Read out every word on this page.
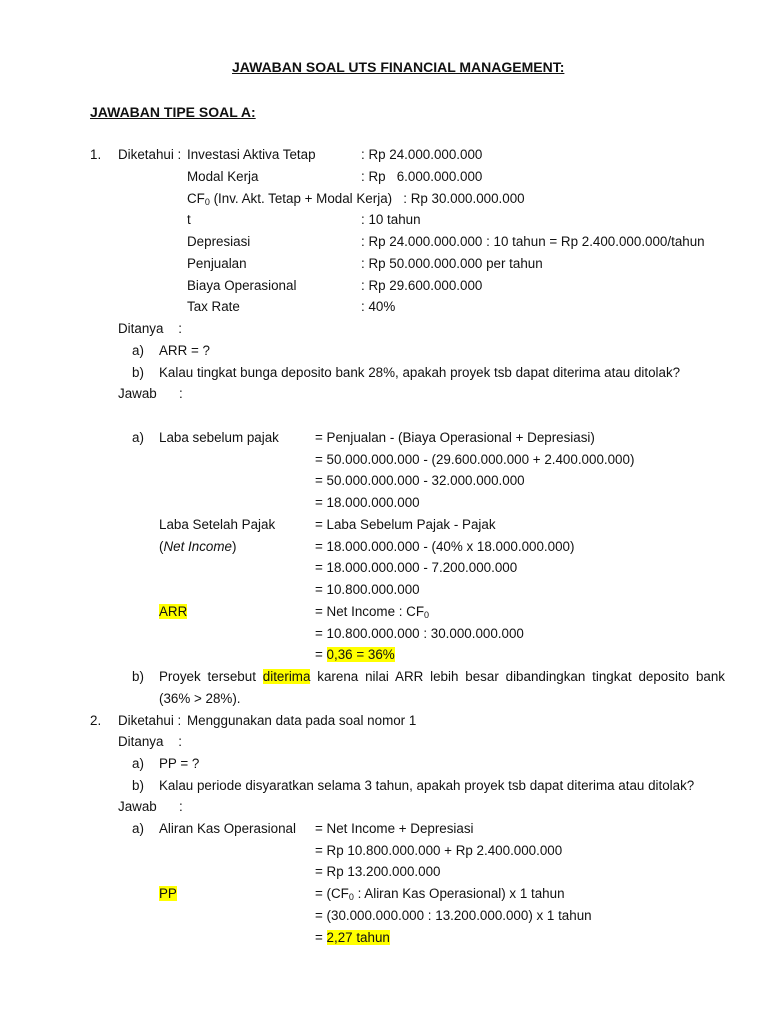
JAWABAN SOAL UTS FINANCIAL MANAGEMENT:
JAWABAN TIPE SOAL A:
1. Diketahui : Investasi Aktiva Tetap	: Rp 24.000.000.000
Modal Kerja	: Rp   6.000.000.000
$CF_0$ (Inv. Akt. Tetap + Modal Kerja)   : Rp 30.000.000.000
t	: 10 tahun
Depresiasi	: Rp 24.000.000.000 : 10 tahun = Rp 2.400.000.000/tahun
Penjualan	: Rp 50.000.000.000 per tahun
Biaya Operasional	: Rp 29.600.000.000
Tax Rate	: 40%
Ditanya    :
a) ARR = ?
b) Kalau tingkat bunga deposito bank 28%, apakah proyek tsb dapat diterima atau ditolak?
Jawab      :
a) Laba sebelum pajak	= Penjualan - (Biaya Operasional + Depresiasi)
= 50.000.000.000 - (29.600.000.000 + 2.400.000.000)
= 50.000.000.000 - 32.000.000.000
= 18.000.000.000
Laba Setelah Pajak	= Laba Sebelum Pajak - Pajak
(Net Income)	= 18.000.000.000 - (40% x 18.000.000.000)
= 18.000.000.000 - 7.200.000.000
= 10.800.000.000
ARR	= Net Income : $CF_0$
= 10.800.000.000 : 30.000.000.000
= 0,36 = 36%
b) Proyek tersebut diterima karena nilai ARR lebih besar dibandingkan tingkat deposito bank
(36% > 28%).
2. Diketahui : Menggunakan data pada soal nomor 1
Ditanya    :
a) PP = ?
b) Kalau periode disyaratkan selama 3 tahun, apakah proyek tsb dapat diterima atau ditolak?
Jawab      :
a) Aliran Kas Operasional = Net Income + Depresiasi
= Rp 10.800.000.000 + Rp 2.400.000.000
= Rp 13.200.000.000
PP	= ($CF_0$ : Aliran Kas Operasional) x 1 tahun
= (30.000.000.000 : 13.200.000.000) x 1 tahun
= 2,27 tahun
